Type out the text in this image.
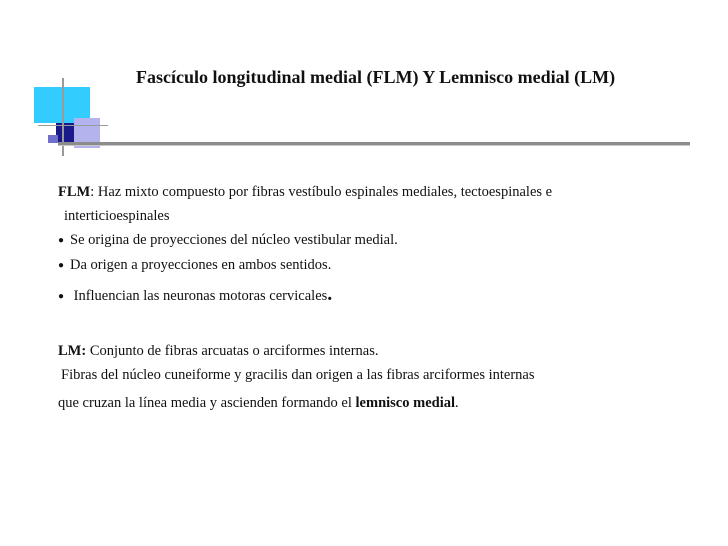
Fascículo longitudinal medial (FLM) Y Lemnisco medial (LM)
FLM: Haz mixto compuesto por fibras vestíbulo espinales mediales, tectoespinales e
interticioespinales
● Se origina de proyecciones del núcleo vestibular medial.
● Da origen a proyecciones en ambos sentidos.
● Influencian las neuronas motoras cervicales.
LM: Conjunto de fibras arcuatas o arciformes internas.
Fibras del núcleo cuneiforme y gracilis dan origen a las fibras arciformes internas
que cruzan la línea media y ascienden formando el lemnisco medial.
